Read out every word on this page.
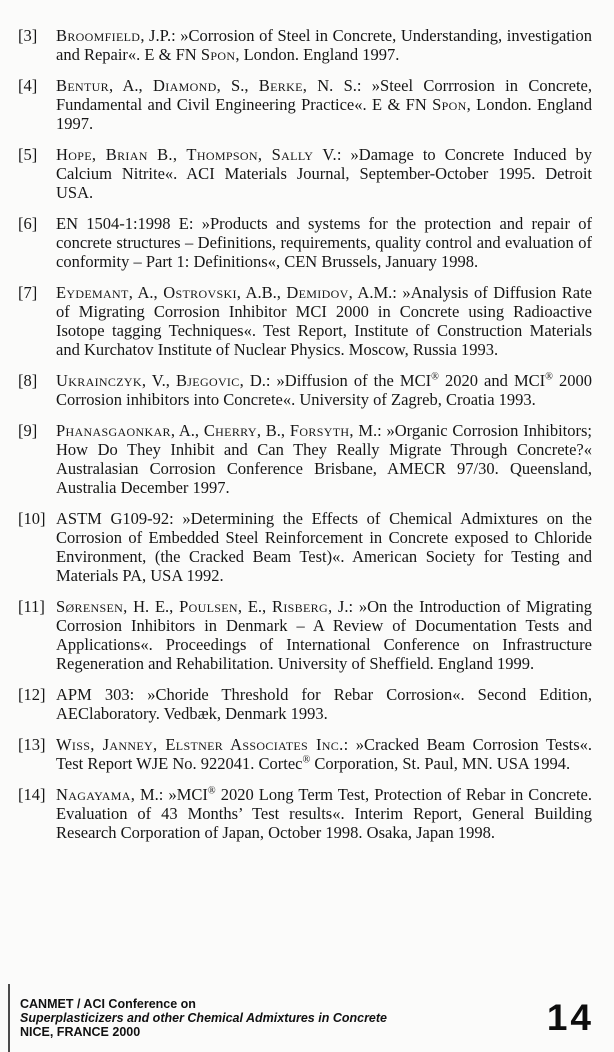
[3]	Broomfield, J.P.: »Corrosion of Steel in Concrete, Understanding, investigation and Repair«. E & FN Spon, London. England 1997.
[4]	Bentur, A., Diamond, S., Berke, N. S.: »Steel Corrrosion in Concrete, Fundamental and Civil Engineering Practice«. E & FN Spon, London. England 1997.
[5]	Hope, Brian B., Thompson, Sally V.: »Damage to Concrete Induced by Calcium Nitrite«. ACI Materials Journal, September-October 1995. Detroit USA.
[6]	EN 1504-1:1998 E: »Products and systems for the protection and repair of concrete structures – Definitions, requirements, quality control and evaluation of conformity – Part 1: Definitions«, CEN Brussels, January 1998.
[7]	Eydemant, A., Ostrovski, A.B., Demidov, A.M.: »Analysis of Diffusion Rate of Migrating Corrosion Inhibitor MCI 2000 in Concrete using Radioactive Isotope tagging Techniques«. Test Report, Institute of Construction Materials and Kurchatov Institute of Nuclear Physics. Moscow, Russia 1993.
[8]	Ukrainczyk, V., Bjegovic, D.: »Diffusion of the MCI® 2020 and MCI® 2000 Corrosion inhibitors into Concrete«. University of Zagreb, Croatia 1993.
[9]	Phanasgaonkar, A., Cherry, B., Forsyth, M.: »Organic Corrosion Inhibitors; How Do They Inhibit and Can They Really Migrate Through Concrete?« Australasian Corrosion Conference Brisbane, AMECR 97/30. Queensland, Australia December 1997.
[10] ASTM G109-92: »Determining the Effects of Chemical Admixtures on the Corrosion of Embedded Steel Reinforcement in Concrete exposed to Chloride Environment, (the Cracked Beam Test)«. American Society for Testing and Materials PA, USA 1992.
[11] Sørensen, H. E., Poulsen, E., Risberg, J.: »On the Introduction of Migrating Corrosion Inhibitors in Denmark – A Review of Documentation Tests and Applications«. Proceedings of International Conference on Infrastructure Regeneration and Rehabilitation. University of Sheffield. England 1999.
[12] APM 303: »Choride Threshold for Rebar Corrosion«. Second Edition, AEClaboratory. Vedbæk, Denmark 1993.
[13] Wiss, Janney, Elstner Associates Inc.: »Cracked Beam Corrosion Tests«. Test Report WJE No. 922041. Cortec® Corporation, St. Paul, MN. USA 1994.
[14] Nagayama, M.: »MCI® 2020 Long Term Test, Protection of Rebar in Concrete. Evaluation of 43 Months’ Test results«. Interim Report, General Building Research Corporation of Japan, October 1998. Osaka, Japan 1998.
CANMET / ACI Conference on
Superplasticizers and other Chemical Admixtures in Concrete
NICE, FRANCE 2000	14
